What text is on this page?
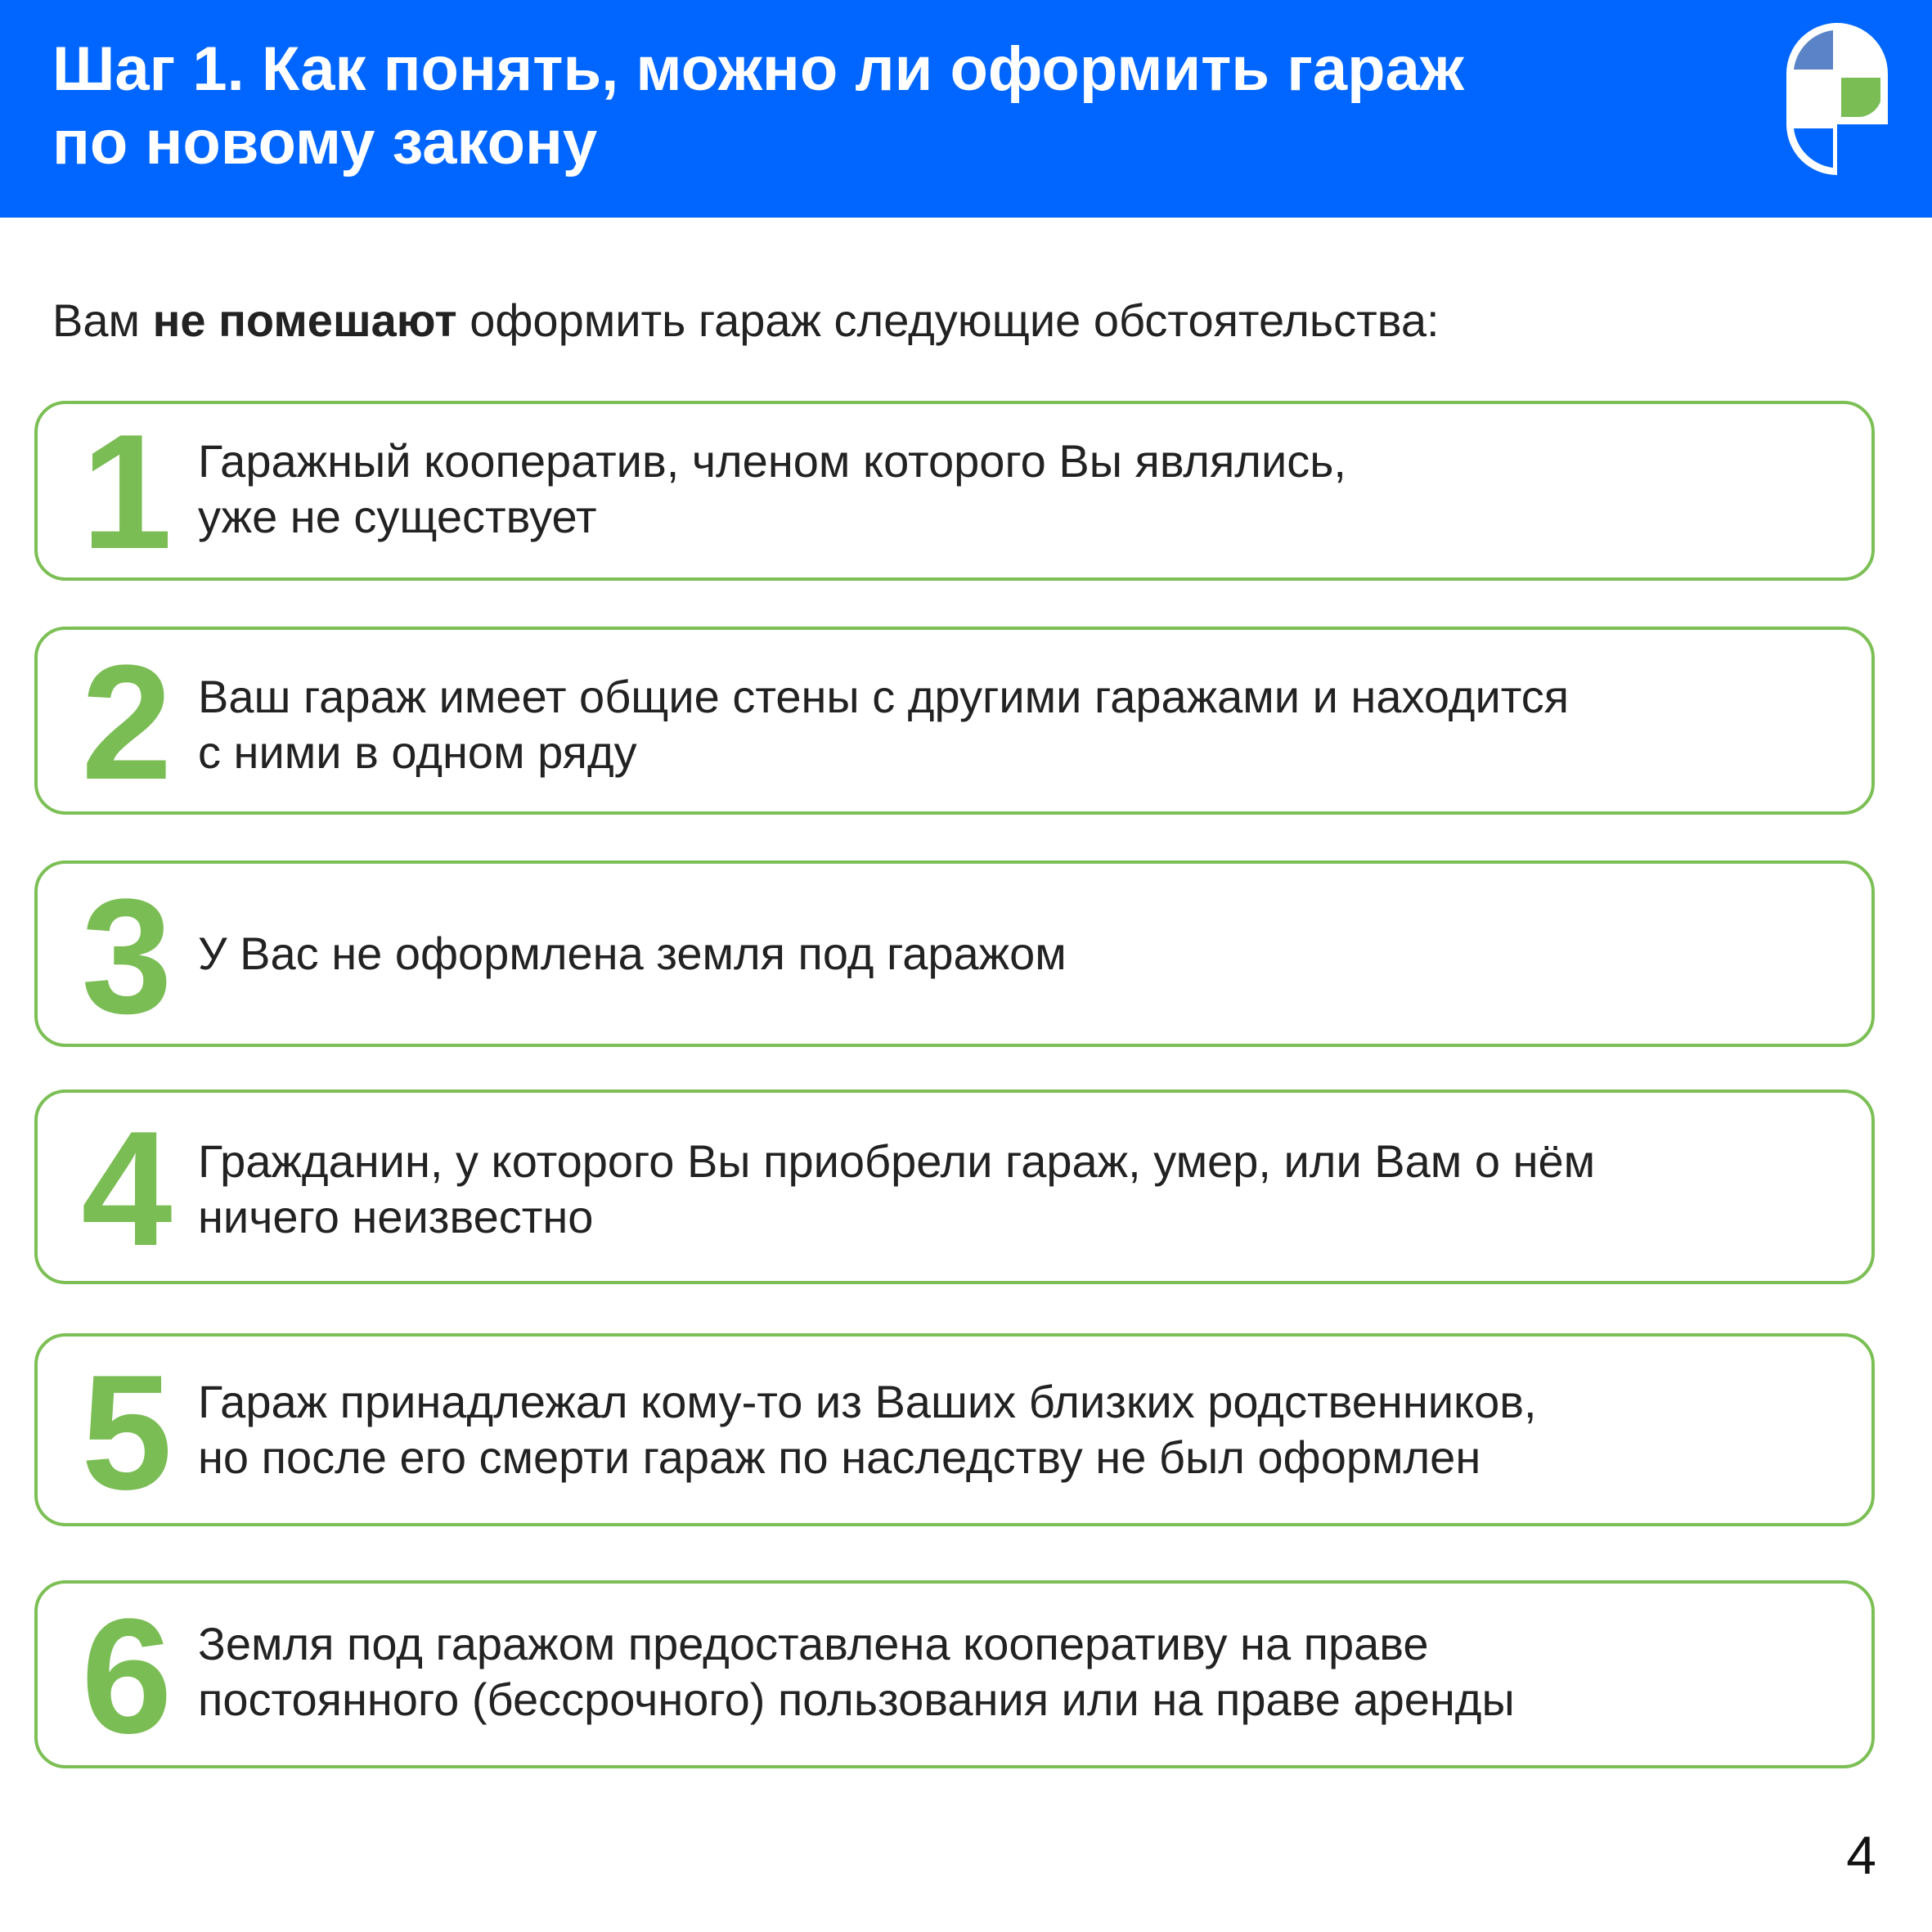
Шаг 1. Как понять, можно ли оформить гараж
по новому закону

Вам не помешают оформить гараж следующие обстоятельства:

1 Гаражный кооператив, членом которого Вы являлись,
уже не существует
2 Ваш гараж имеет общие стены с другими гаражами и находится
с ними в одном ряду
3 У Вас не оформлена земля под гаражом
4 Гражданин, у которого Вы приобрели гараж, умер, или Вам о нём
ничего неизвестно
5 Гараж принадлежал кому-то из Ваших близких родственников,
но после его смерти гараж по наследству не был оформлен
6 Земля под гаражом предоставлена кооперативу на праве
постоянного (бессрочного) пользования или на праве аренды
4
